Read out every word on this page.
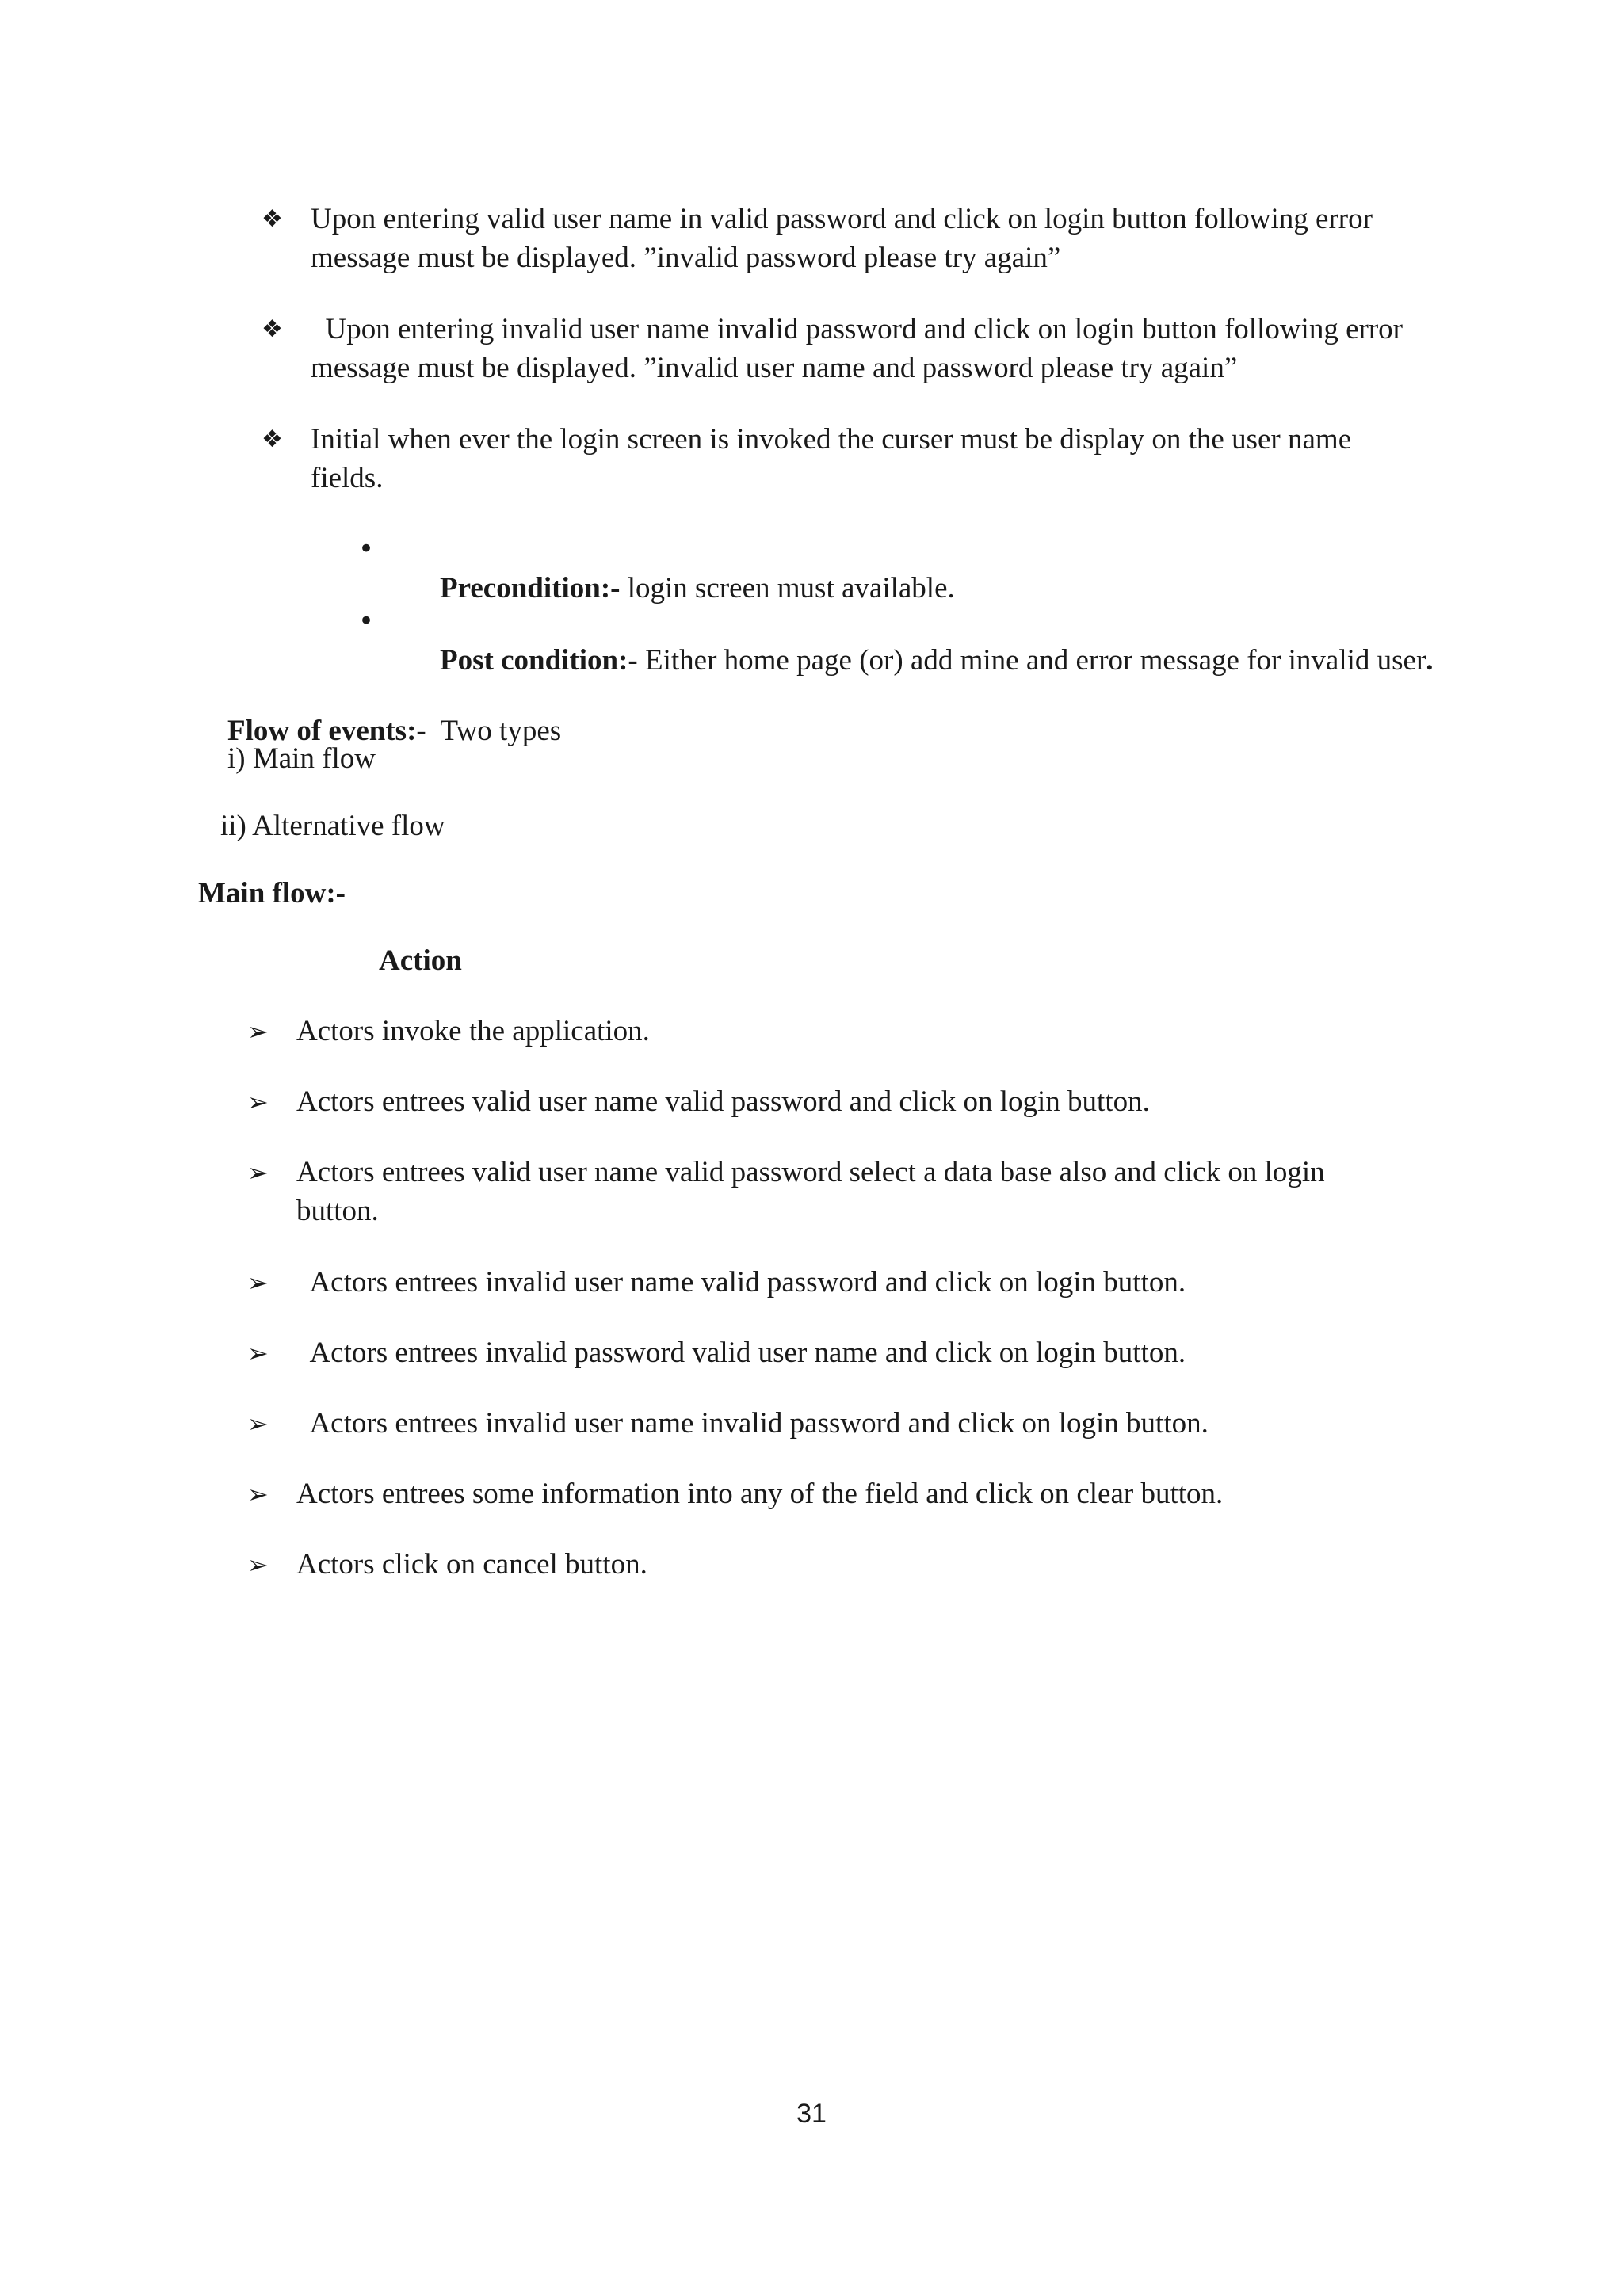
❖ Upon entering valid user name in valid password and click on login button following error
message must be displayed. ”invalid password please try again”
❖ Upon entering invalid user name invalid password and click on login button following error
message must be displayed. ”invalid user name and password please try again”
❖ Initial when ever the login screen is invoked the curser must be display on the user name
fields.
•

Precondition:- login screen must available.

•

Post condition:- Either home page (or) add mine and error message for invalid user.

Flow of events:-  Two types

i) Main flow
ii) Alternative flow
Main flow:-
Action
➢ Actors invoke the application.
➢ Actors entrees valid user name valid password and click on login button.
➢ Actors entrees valid user name valid password select a data base also and click on login
button.
➢ Actors entrees invalid user name valid password and click on login button.
➢ Actors entrees invalid password valid user name and click on login button.
➢ Actors entrees invalid user name invalid password and click on login button.
➢ Actors entrees some information into any of the field and click on clear button.
➢ Actors click on cancel button.
31
